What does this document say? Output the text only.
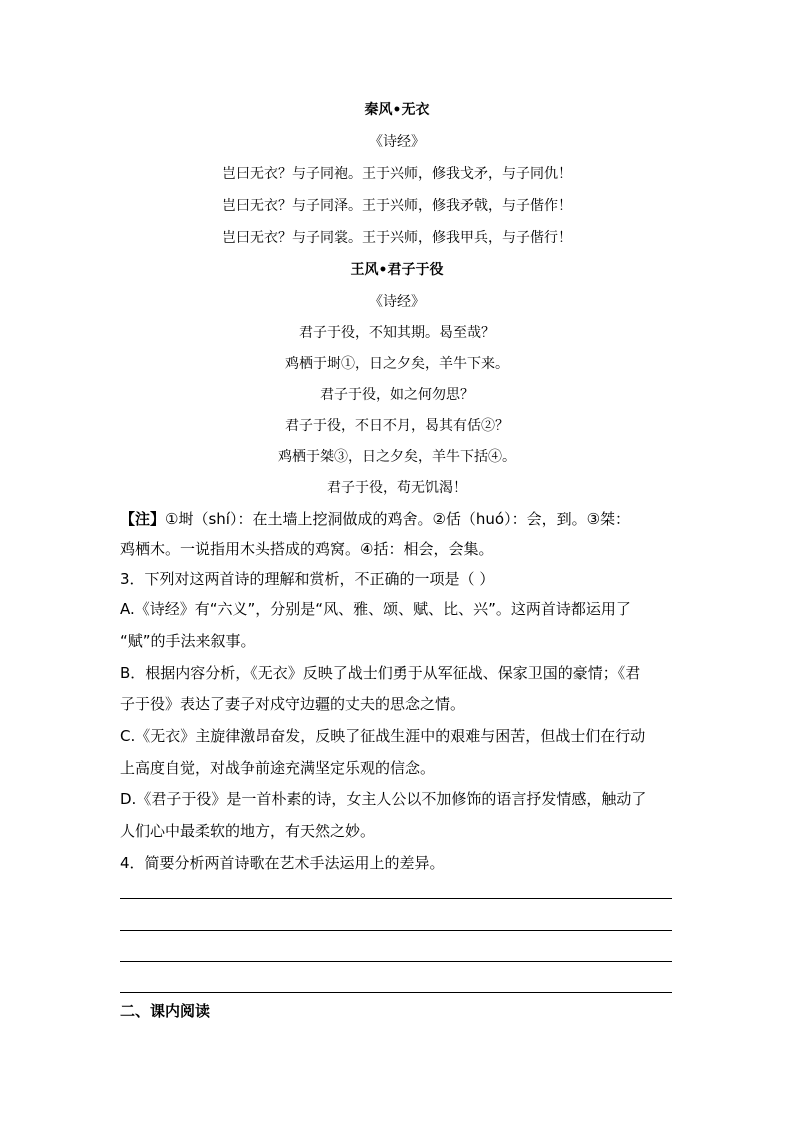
秦风•无衣
《诗经》
岂曰无衣？与子同袍。王于兴师，修我戈矛，与子同仇！
岂曰无衣？与子同泽。王于兴师，修我矛戟，与子偕作！
岂曰无衣？与子同裳。王于兴师，修我甲兵，与子偕行！
王风•君子于役
《诗经》
君子于役，不知其期。曷至哉？
鸡栖于埘①，日之夕矣，羊牛下来。
君子于役，如之何勿思？
君子于役，不日不月，曷其有佸②？
鸡栖于桀③，日之夕矣，羊牛下括④。
君子于役，苟无饥渴！
【注】①埘（shí）：在土墙上挖洞做成的鸡舍。②佸（huó）：会，到。③桀：
鸡栖木。一说指用木头搭成的鸡窝。④括：相会，会集。
3．下列对这两首诗的理解和赏析，不正确的一项是（ ）
A.《诗经》有“六义”，分别是“风、雅、颂、赋、比、兴”。这两首诗都运用了
“赋”的手法来叙事。
B．根据内容分析，《无衣》反映了战士们勇于从军征战、保家卫国的豪情；《君
子于役》表达了妻子对戍守边疆的丈夫的思念之情。
C.《无衣》主旋律激昂奋发，反映了征战生涯中的艰难与困苦，但战士们在行动
上高度自觉，对战争前途充满坚定乐观的信念。
D.《君子于役》是一首朴素的诗，女主人公以不加修饰的语言抒发情感，触动了
人们心中最柔软的地方，有天然之妙。
4．简要分析两首诗歌在艺术手法运用上的差异。
二、课内阅读
